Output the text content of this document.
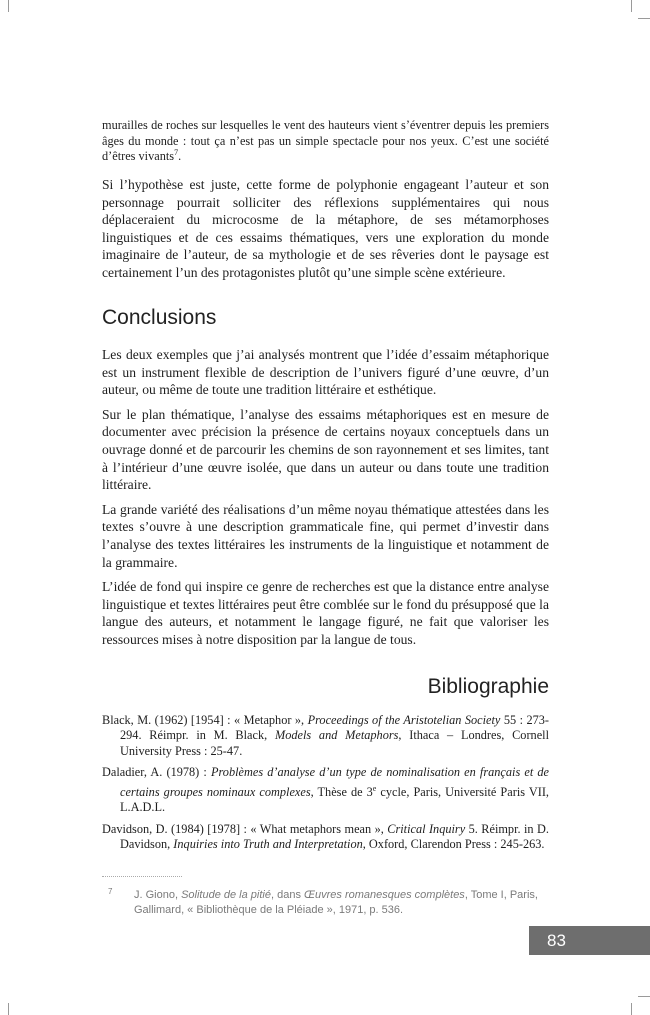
murailles de roches sur lesquelles le vent des hauteurs vient s’éventrer depuis les premiers âges du monde : tout ça n’est pas un simple spectacle pour nos yeux. C’est une société d’êtres vivants$^7$.

Si l’hypothèse est juste, cette forme de polyphonie engageant l’auteur et son personnage pourrait solliciter des réflexions supplémentaires qui nous déplaceraient du microcosme de la métaphore, de ses métamorphoses linguistiques et de ces essaims thématiques, vers une exploration du monde imaginaire de l’auteur, de sa mythologie et de ses rêveries dont le paysage est certainement l’un des protagonistes plutôt qu’une simple scène extérieure.

Conclusions

Les deux exemples que j’ai analysés montrent que l’idée d’essaim métaphorique est un instrument flexible de description de l’univers figuré d’une œuvre, d’un auteur, ou même de toute une tradition littéraire et esthétique.

Sur le plan thématique, l’analyse des essaims métaphoriques est en mesure de documenter avec précision la présence de certains noyaux conceptuels dans un ouvrage donné et de parcourir les chemins de son rayonnement et ses limites, tant à l’intérieur d’une œuvre isolée, que dans un auteur ou dans toute une tradition littéraire.

La grande variété des réalisations d’un même noyau thématique attestées dans les textes s’ouvre à une description grammaticale fine, qui permet d’investir dans l’analyse des textes littéraires les instruments de la linguistique et notamment de la grammaire.

L’idée de fond qui inspire ce genre de recherches est que la distance entre analyse linguistique et textes littéraires peut être comblée sur le fond du présupposé que la langue des auteurs, et notamment le langage figuré, ne fait que valoriser les ressources mises à notre disposition par la langue de tous.

Bibliographie

Black, M. (1962) [1954] : « Metaphor », Proceedings of the Aristotelian Society 55 : 273-294. Réimpr. in M. Black, Models and Metaphors, Ithaca – Londres, Cornell University Press : 25-47.

Daladier, A. (1978) : Problèmes d’analyse d’un type de nominalisation en français et de certains groupes nominaux complexes, Thèse de 3e cycle, Paris, Université Paris VII, L.A.D.L.

Davidson, D. (1984) [1978] : « What metaphors mean », Critical Inquiry 5. Réimpr. in D. Davidson, Inquiries into Truth and Interpretation, Oxford, Clarendon Press : 245-263.

7 J. Giono, Solitude de la pitié, dans Œuvres romanesques complètes, Tome I, Paris, Gallimard, « Bibliothèque de la Pléiade », 1971, p. 536.
83
